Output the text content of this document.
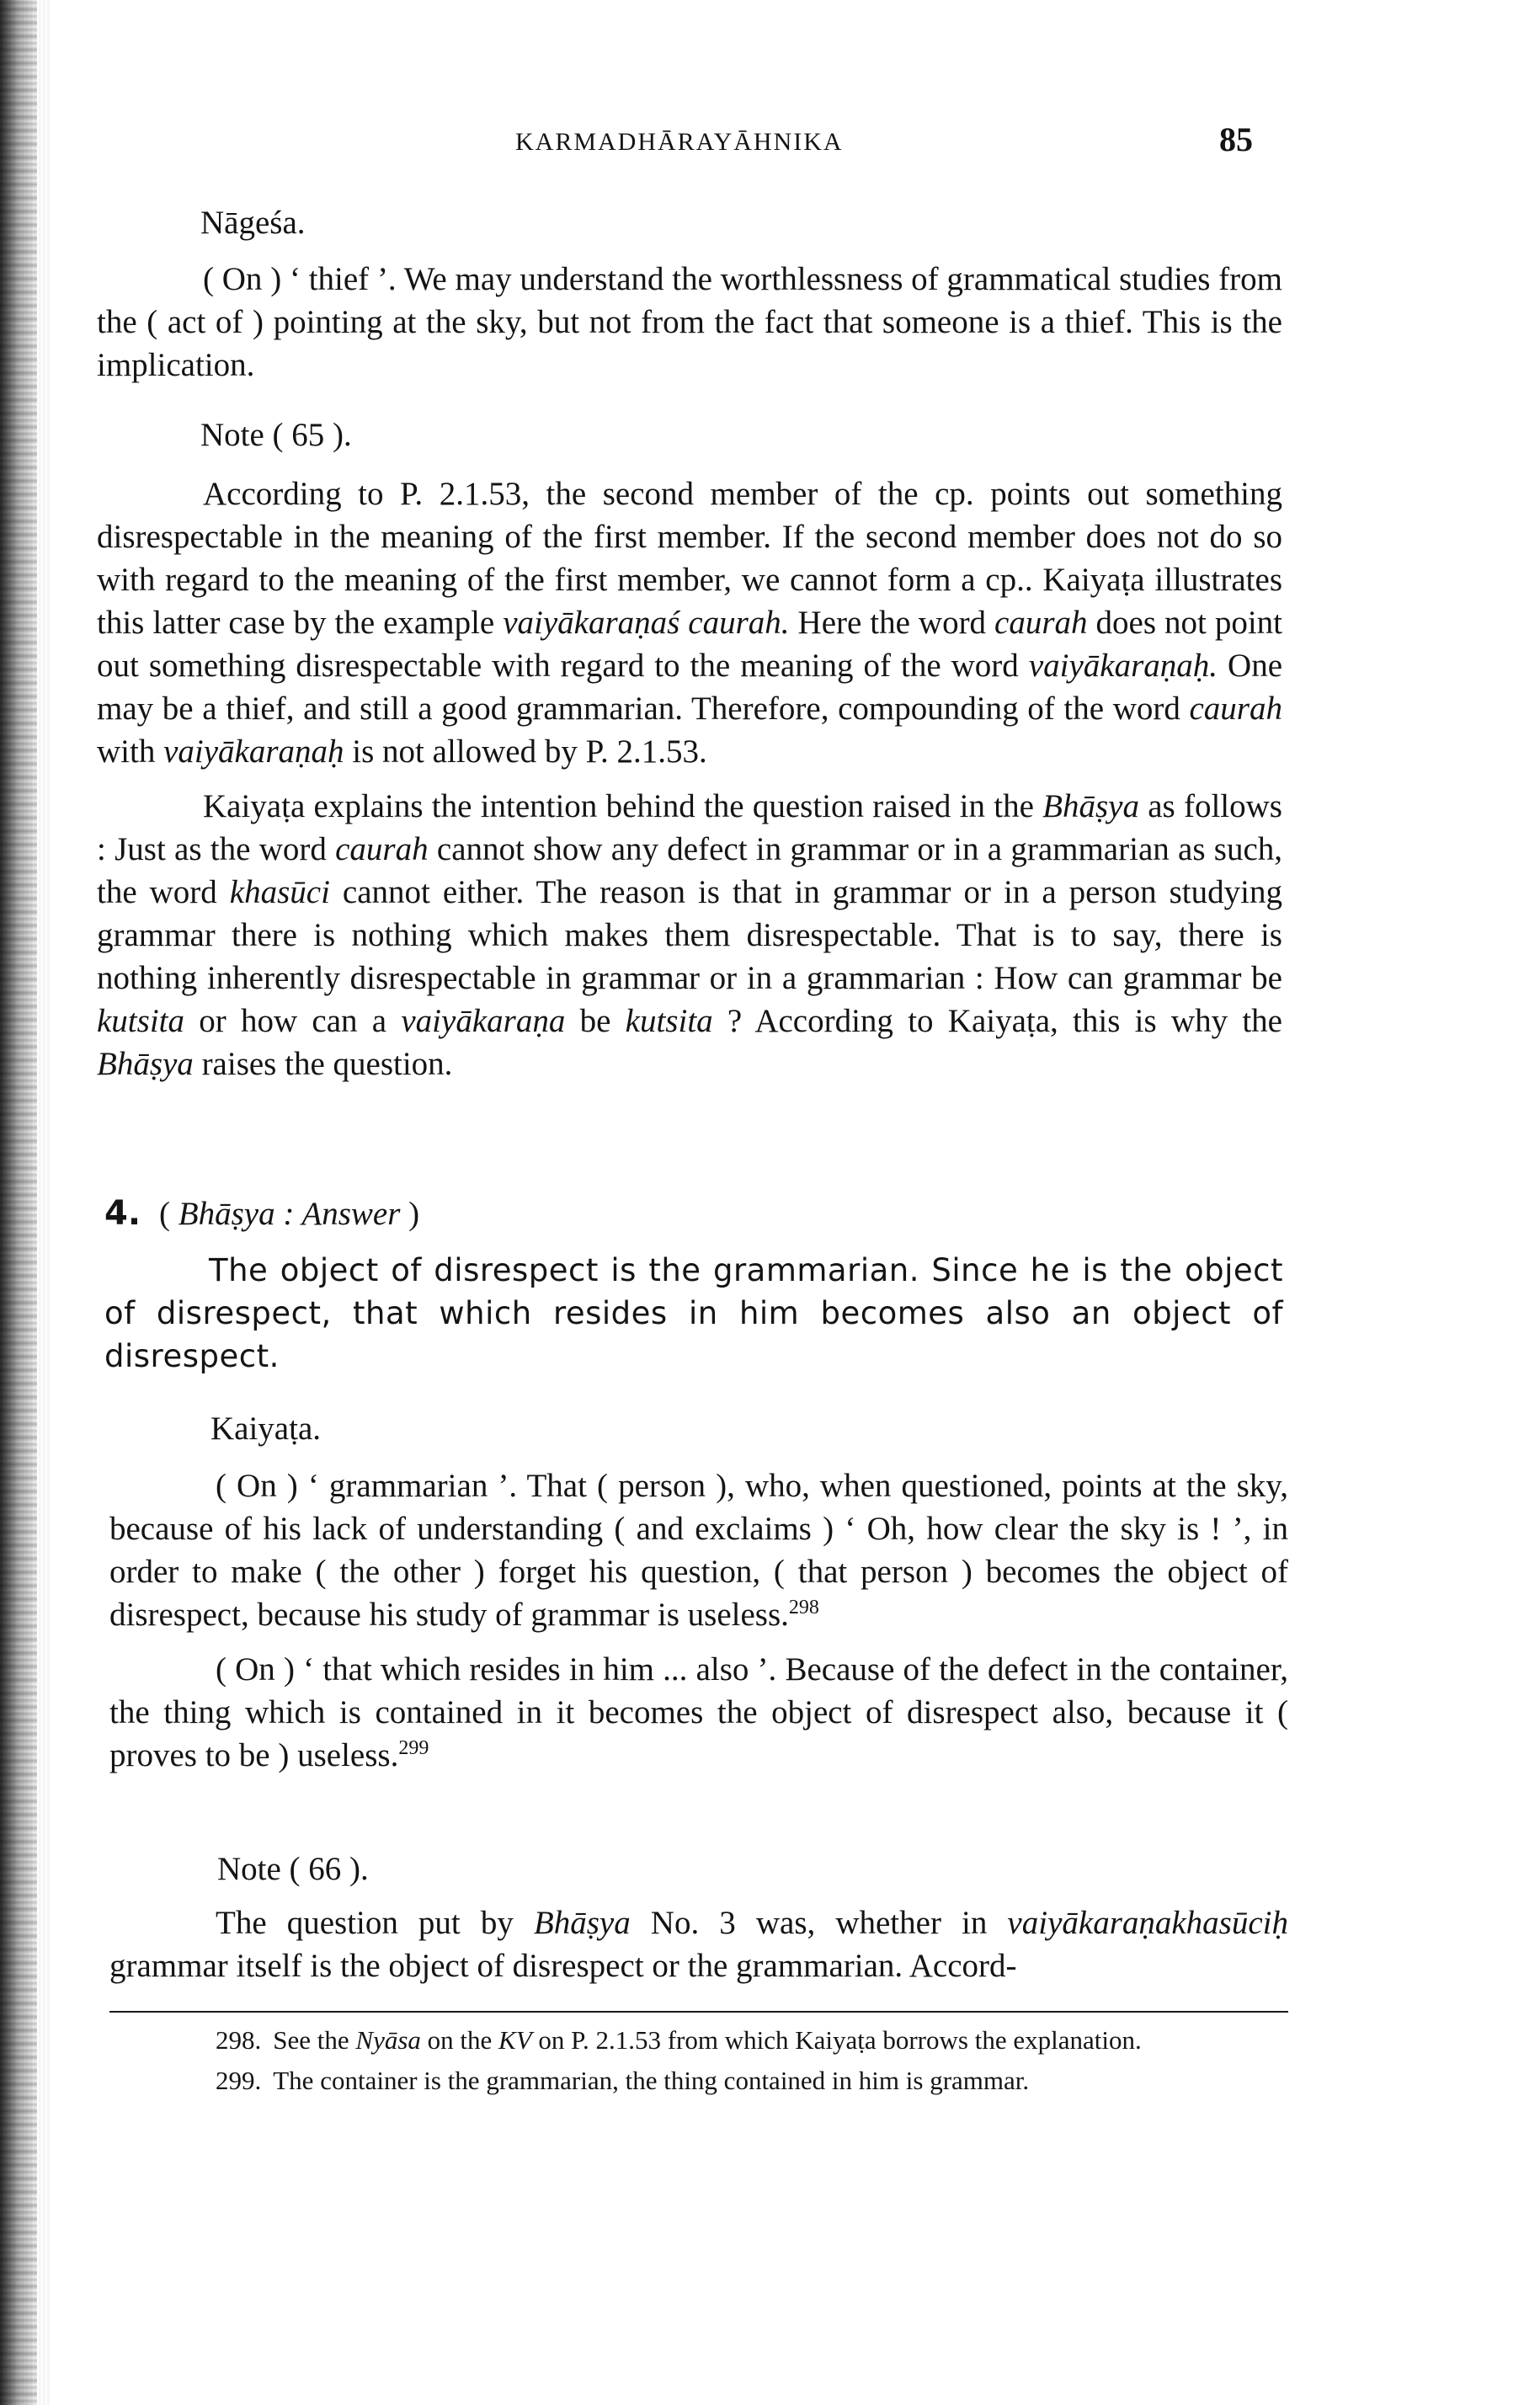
KARMADHĀRAYĀHNIKA	85
Nāgeśa.

( On ) ‘ thief ’. We may understand the worthlessness of grammatical studies from the ( act of ) pointing at the sky, but not from the fact that someone is a thief. This is the implication.

Note ( 65 ).

According to P. 2.1.53, the second member of the cp. points out something disrespectable in the meaning of the first member. If the second member does not do so with regard to the meaning of the first member, we cannot form a cp.. Kaiyaṭa illustrates this latter case by the example vaiyākaraṇaś caurah. Here the word caurah does not point out something disrespectable with regard to the meaning of the word vaiyākaraṇaḥ. One may be a thief, and still a good grammarian. Therefore, compounding of the word caurah with vaiyākaraṇaḥ is not allowed by P. 2.1.53.

Kaiyaṭa explains the intention behind the question raised in the Bhāṣya as follows : Just as the word caurah cannot show any defect in grammar or in a grammarian as such, the word khasūci cannot either. The reason is that in grammar or in a person studying grammar there is nothing which makes them disrespectable. That is to say, there is nothing inherently disrespectable in grammar or in a grammarian : How can grammar be kutsita or how can a vaiyākaraṇa be kutsita ? According to Kaiyaṭa, this is why the Bhāṣya raises the question.

4. ( Bhāṣya : Answer )

The object of disrespect is the grammarian. Since he is the object of disrespect, that which resides in him becomes also an object of disrespect.

Kaiyaṭa.

( On ) ‘ grammarian ’. That ( person ), who, when questioned, points at the sky, because of his lack of understanding ( and exclaims ) ‘ Oh, how clear the sky is ! ’, in order to make ( the other ) forget his question, ( that person ) becomes the object of disrespect, because his study of grammar is useless.$^{298}$

( On ) ‘ that which resides in him ... also ’. Because of the defect in the container, the thing which is contained in it becomes the object of disrespect also, because it ( proves to be ) useless.$^{299}$

Note ( 66 ).

The question put by Bhāṣya No. 3 was, whether in vaiyākaraṇakhasūciḥ grammar itself is the object of disrespect or the grammarian. Accord-

298. See the Nyāsa on the KV on P. 2.1.53 from which Kaiyaṭa borrows the explanation.

299. The container is the grammarian, the thing contained in him is grammar.
